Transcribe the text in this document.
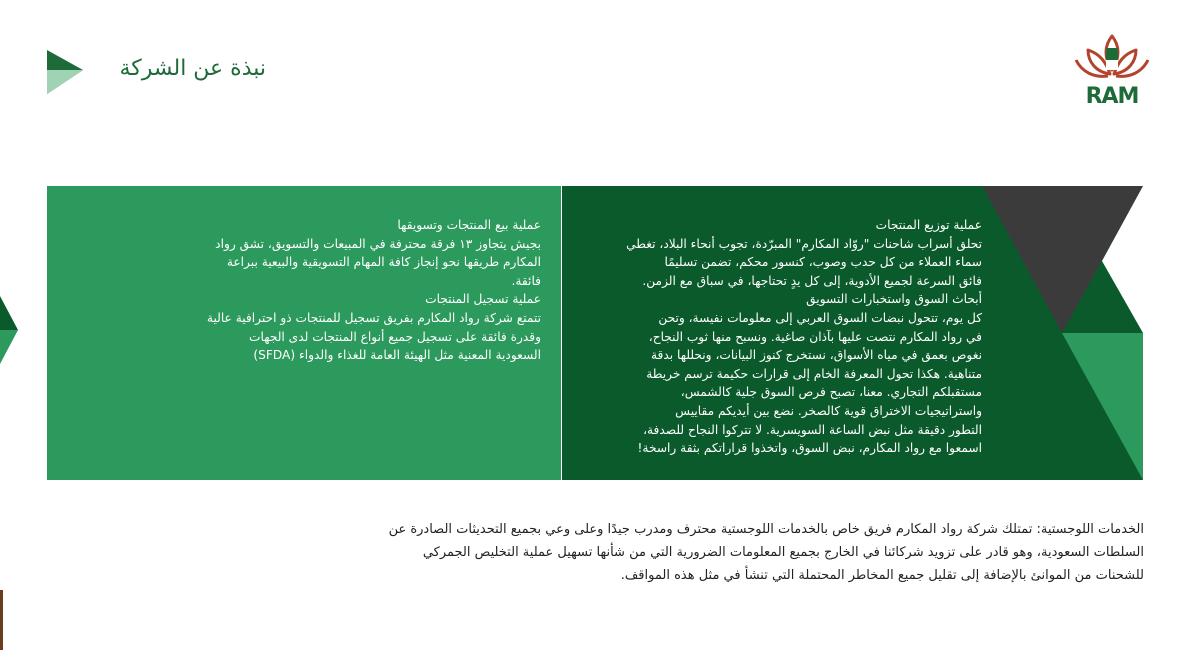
نبذة عن الشركة
RAM
عملية بيع المنتجات وتسويقها
بجيش يتجاوز ١٣ فرقة محترفة في المبيعات والتسويق، تشق رواد
المكارم طريقها نحو إنجاز كافة المهام التسويقية والبيعية ببراعة
فائقة.
عملية تسجيل المنتجات
تتمتع شركة رواد المكارم بفريق تسجيل للمنتجات ذو احترافية عالية
وقدرة فائقة على تسجيل جميع أنواع المنتجات لدى الجهات
السعودية المعنية مثل الهيئة العامة للغذاء والدواء (SFDA)
عملية توزيع المنتجات
تحلق أسراب شاحنات "روّاد المكارم" المبرّدة، تجوب أنحاء البلاد، تغطي
سماء العملاء من كل حدب وصوب، كنسور محكم، تضمن تسليمًا
فائق السرعة لجميع الأدوية، إلى كل يدٍ تحتاجها، في سباق مع الزمن.
أبحاث السوق واستخبارات التسويق
كل يوم، تتحول نبضات السوق العربي إلى معلومات نفيسة، وتحن
في رواد المكارم نتصت عليها بآذان صاغية. ونسبح منها ثوب النجاح،
نغوص بعمق في مياه الأسواق، نستخرج كنوز البيانات، ونحللها بدقة
متناهية. هكذا تحول المعرفة الخام إلى قرارات حكيمة ترسم خريطة
مستقبلكم التجاري. معنا، تصبح فرص السوق جلية كالشمس،
واستراتيجيات الاختراق قوية كالصخر. نضع بين أيديكم مقاييس
التطور دقيقة مثل نبض الساعة السويسرية. لا تتركوا النجاح للصدفة،
اسمعوا مع رواد المكارم، نبض السوق، واتخذوا قراراتكم بثقة راسخة!
الخدمات اللوجستية: تمتلك شركة رواد المكارم فريق خاص بالخدمات اللوجستية محترف ومدرب جيدًا وعلى وعي بجميع التحديثات الصادرة عن
السلطات السعودية، وهو قادر على تزويد شركائنا في الخارج بجميع المعلومات الضرورية التي من شأنها تسهيل عملية التخليص الجمركي
للشحنات من الموانئ بالإضافة إلى تقليل جميع المخاطر المحتملة التي تنشأ في مثل هذه المواقف.
